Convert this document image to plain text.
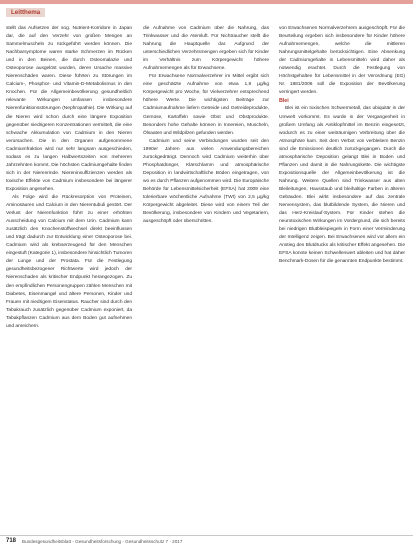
Leitthema

stellt das Aufsetzen der sog. Nutrient-Korridore in Japan dar, die auf den Verzehr von großen Mengen an Sammelmuscheln zu rückgeführt werden können. Die Nachbarsymptome waren starke Schmerzen im Rücken und in den Beinen, die durch Osteomalazie und Osteoporose ausgelöst wurden, deren Ursache massive Nierenschäden waren. Diese führten zu Störungen im Calcium-, Phosphor- und Vitamin-D-Metabolismus in den Knochen. Für die Allgemeinbevölkerung gesundheitlich relevante Wirkungen umfassen insbesondere Nierenfunktionsstörungen (Nephropathie). Die Wirkung auf die Nieren wird schon durch eine längere Exposition gegenüber niedrigeren Konzentrationen vermittelt, die eine schwache Akkumulation von Cadmium in den Nieren verursachen. Die in den Organen aufgenommene Cadmiumfraktion wird nur sehr langsam ausgeschieden, sodass es zu langen Halbwertszeiten von mehreren Jahrzehnten kommt. Die höchsten Cadmiumgehalte finden sich in der Nierenrinde. Niereninsuffizienzen werden als toxische Effekte von Cadmium insbesondere bei längerer Exposition angesehen.

Als Folge wird die Rückresorption von Proteinen, Aminosäuren und Calcium in den Nierentubuli gestört. Der Verlust der Nierenfunktion führt zu einer erhöhten Ausscheidung von Calcium mit dem Urin. Cadmium kann zusätzlich den Knochenstoffwechsel direkt beeinflussen und trägt dadurch zur Entwicklung einer Osteoporose bei. Cadmium wird als krebserzeugend für den Menschen eingestuft (Kategorie 1), insbesondere hinsichtlich Tumoren der Lunge und der Prostata. Für die Festlegung gesundheitsbezogener Richtwerte wird jedoch der Nierenschaden als kritischer Endpunkt herangezogen. Zu den empfindlichen Personengruppen zählen Menschen mit Diabetes, Eisenmangel und ältere Personen, Kinder und Frauen mit niedrigem Eisenstatus. Raucher sind durch den Tabakrauch zusätzlich gegenüber Cadmium exponiert, da Tabakpflanzen Cadmium aus dem Boden gut aufnehmen und anreichern.

die Aufnahme von Cadmium über die Nahrung, das Trinkwasser und die Atemluft. Für Nichtraucher stellt die Nahrung die Hauptquelle dar. Aufgrund der unterschiedlichen Verzehrsmengen ergeben sich für Kinder im Verhältnis zum Körpergewicht höhere Aufnahmemengen als für Erwachsene.

Für Erwachsene Normalverzehrer im Mittel ergibt sich eine geschätzte Aufnahme von etwa 1,9 µg/kg Körpergewicht pro Woche, für Vielverzehrer entsprechend höhere Werte. Die wichtigsten Beiträge zur Cadmiumaufnahme liefern Getreide und Getreideprodukte, Gemüse, Kartoffeln sowie Obst und Obstprodukte. Besonders hohe Gehalte können in Innereien, Muscheln, Ölsaaten und Wildpilzen gefunden werden.

Cadmium und seine Verbindungen wurden seit den 1990er Jahren aus vielen Anwendungsbereichen zurückgedrängt. Dennoch wird Cadmium weiterhin über Phosphatdünger, Klärschlamm und atmosphärische Deposition in landwirtschaftliche Böden eingetragen, von wo es durch Pflanzen aufgenommen wird. Die Europäische Behörde für Lebensmittelsicherheit (EFSA) hat 2009 eine tolerierbare wöchentliche Aufnahme (TWI) von 2,5 µg/kg Körpergewicht abgeleitet. Diese wird von einem Teil der Bevölkerung, insbesondere von Kindern und Vegetariern, ausgeschöpft oder überschritten.

von Erwachsenen Normalverzehrern ausgeschöpft. Für die Beurteilung ergeben sich insbesondere für Kinder höhere Aufnahmemengen, welche die mittleren Nahrungsmittelgehalte berücksichtigen. Eine Absenkung der Cadmiumgehalte in Lebensmitteln wird daher als notwendig erachtet. Durch die Festlegung von Höchstgehalten für Lebensmittel in der Verordnung (EG) Nr. 1881/2006 soll die Exposition der Bevölkerung verringert werden.

Blei

Blei ist ein toxisches Schwermetall, das ubiquitär in der Umwelt vorkommt. Es wurde in der Vergangenheit in großem Umfang als Antiklopfmittel im Benzin eingesetzt, wodurch es zu einer weiträumigen Verbreitung über die Atmosphäre kam. Seit dem Verbot von verbleitem Benzin sind die Emissionen deutlich zurückgegangen. Durch die atmosphärische Deposition gelangt Blei in Boden und Pflanzen und damit in die Nahrungskette. Die wichtigste Expositionsquelle der Allgemeinbevölkerung ist die Nahrung. Weitere Quellen sind Trinkwasser aus alten Bleileitungen, Hausstaub und bleihaltige Farben in älteren Gebäuden. Blei wirkt insbesondere auf das zentrale Nervensystem, das blutbildende System, die Nieren und das Herz-Kreislauf-System. Für Kinder stehen die neurotoxischen Wirkungen im Vordergrund, die sich bereits bei niedrigen Blutbleispiegeln in Form einer Verminderung der Intelligenz zeigen. Bei Erwachsenen wird vor allem ein Anstieg des Blutdrucks als kritischer Effekt angesehen. Die EFSA konnte keinen Schwellenwert ableiten und hat daher Benchmark-Dosen für die genannten Endpunkte bestimmt.

718 Bundesgesundheitsblatt - Gesundheitsforschung - Gesundheitsschutz 7 · 2017
